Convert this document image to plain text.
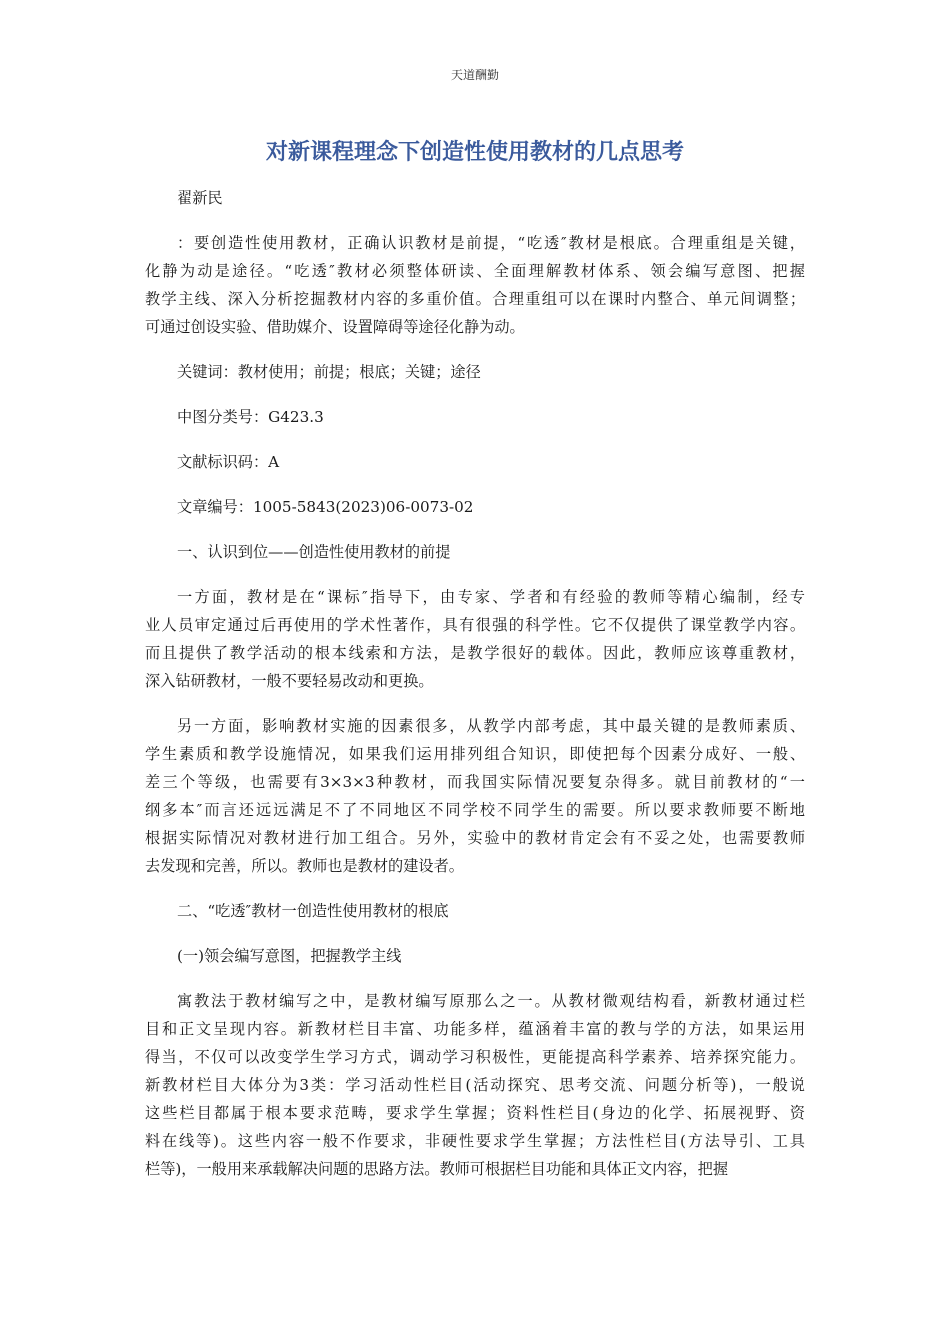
天道酬勤
对新课程理念下创造性使用教材的几点思考
翟新民
：要创造性使用教材，正确认识教材是前提，“吃透″教材是根底。合理重组是关键，
化静为动是途径。“吃透″教材必须整体研读、全面理解教材体系、领会编写意图、把握
教学主线、深入分析挖掘教材内容的多重价值。合理重组可以在课时内整合、单元间调整；
可通过创设实验、借助媒介、设置障碍等途径化静为动。
关键词：教材使用；前提；根底；关键；途径
中图分类号：G423.3
文献标识码：A
文章编号：1005-5843(2023)06-0073-02
一、认识到位——创造性使用教材的前提
一方面，教材是在“课标″指导下，由专家、学者和有经验的教师等精心编制，经专
业人员审定通过后再使用的学术性著作，具有很强的科学性。它不仅提供了课堂教学内容。
而且提供了教学活动的根本线索和方法，是教学很好的载体。因此，教师应该尊重教材，
深入钻研教材，一般不要轻易改动和更换。
另一方面，影响教材实施的因素很多，从教学内部考虑，其中最关键的是教师素质、
学生素质和教学设施情况，如果我们运用排列组合知识，即使把每个因素分成好、一般、
差三个等级，也需要有3×3×3种教材，而我国实际情况要复杂得多。就目前教材的“一
纲多本″而言还远远满足不了不同地区不同学校不同学生的需要。所以要求教师要不断地
根据实际情况对教材进行加工组合。另外，实验中的教材肯定会有不妥之处，也需要教师
去发现和完善，所以。教师也是教材的建设者。
二、“吃透″教材一创造性使用教材的根底
(一)领会编写意图，把握教学主线
寓教法于教材编写之中，是教材编写原那么之一。从教材微观结构看，新教材通过栏
目和正文呈现内容。新教材栏目丰富、功能多样，蕴涵着丰富的教与学的方法，如果运用
得当，不仅可以改变学生学习方式，调动学习积极性，更能提高科学素养、培养探究能力。
新教材栏目大体分为3类：学习活动性栏目(活动探究、思考交流、问题分析等)，一般说
这些栏目都属于根本要求范畴，要求学生掌握；资料性栏目(身边的化学、拓展视野、资
料在线等)。这些内容一般不作要求，非硬性要求学生掌握；方法性栏目(方法导引、工具
栏等)，一般用来承载解决问题的思路方法。教师可根据栏目功能和具体正文内容，把握
